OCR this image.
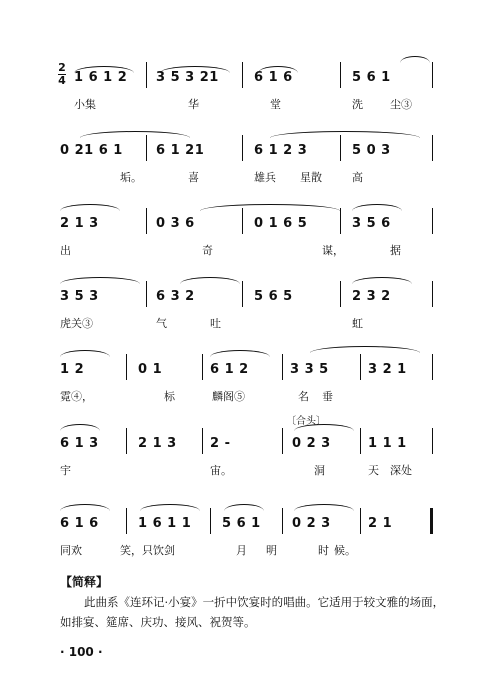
2
4 1 6 1 2 3 5 3 21	6 1 6	5 6 1
小集	华	堂	洗 尘③
0 21 6 1	6 1 21	6 1 2 3	5 0 3
垢。	喜	雄兵 星散	高
2 1 3	0 3 6	0 1 6 5	3 5 6
出	奇	谋，	据
3 5 3	6 3 2	5 6 5	2 3 2
虎关③	气	吐	虹
1 2	0 1	6 1 2	3 3 5	3 2 1
霓④，	标	麟阁⑤	名 垂
〔合头〕
6 1 3	2 1 3	2 -	0 2 3	1 1 1
宇	宙。	洞	天 深处
6 1 6	1 6 1 1 5 6 1 0 2 3	2 1
同欢	笑，只饮剑	月 明	时 候。
【简释】
此曲系《连环记·小宴》一折中饮宴时的唱曲。它适用于较文雅的场面，如排宴、筵席、庆功、接风、祝贺等。
· 100 ·
